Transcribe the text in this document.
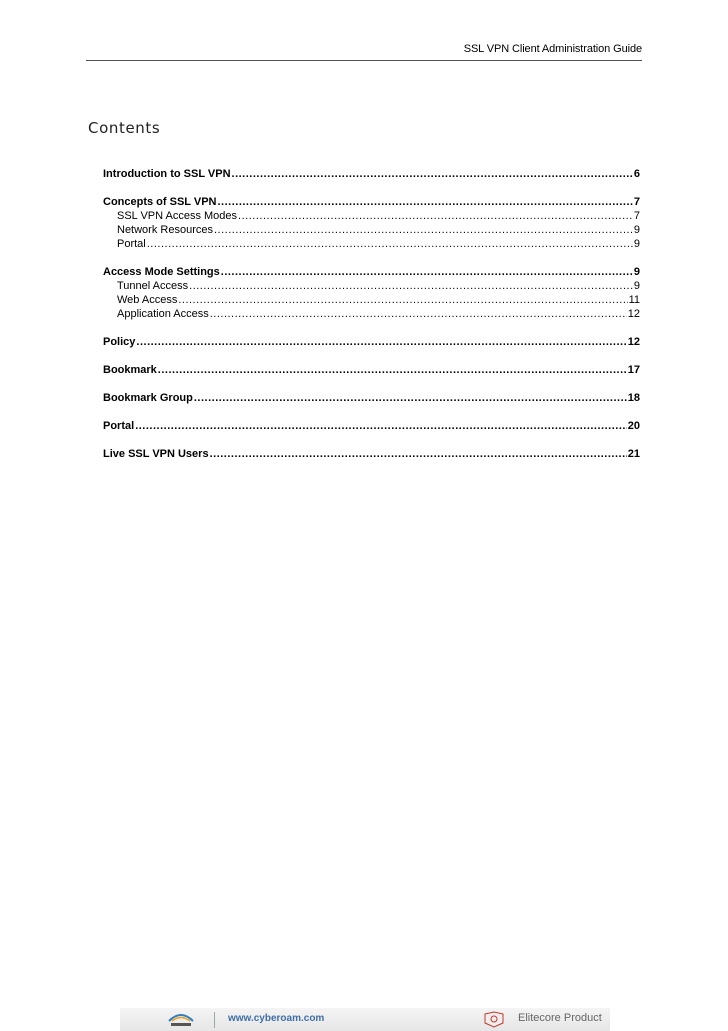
SSL VPN Client Administration Guide
Contents
Introduction to SSL VPN .....	6
Concepts of SSL VPN .....	7
SSL VPN Access Modes .....	7
Network Resources .....	9
Portal .....	9
Access Mode Settings .....	9
Tunnel Access .....	9
Web Access .....	11
Application Access .....	12
Policy .....	12
Bookmark .....	17
Bookmark Group .....	18
Portal .....	20
Live SSL VPN Users .....	21
www.cyberoam.com	Elitecore Product
